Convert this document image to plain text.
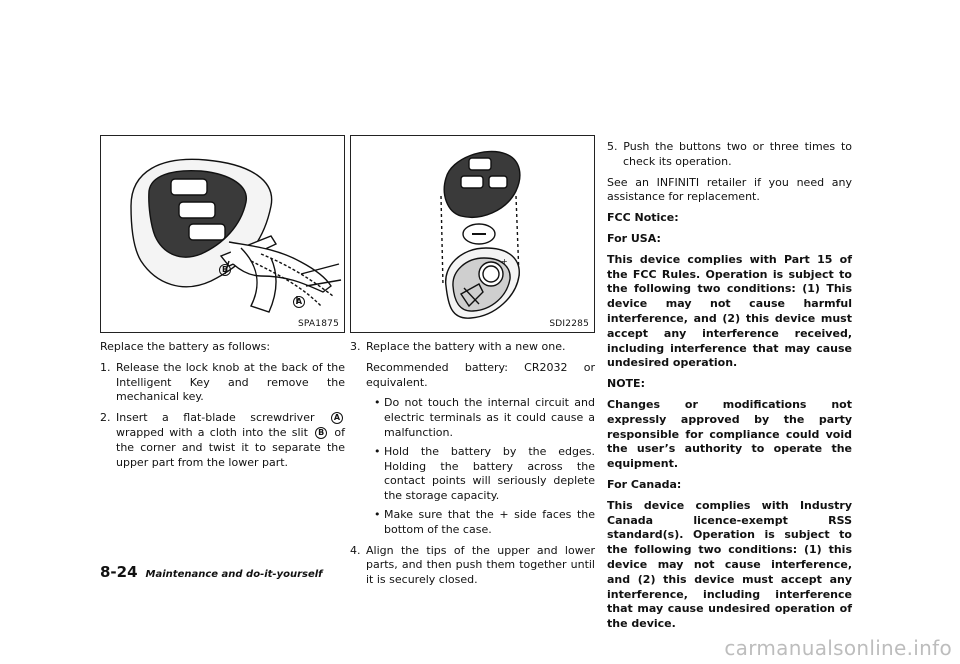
B
A
SPA1875
+
SDI2285

Replace the battery as follows:

1. Release the lock knob at the back of the Intelligent Key and remove the mechanical key.
2. Insert a flat-blade screwdriver A wrapped with a cloth into the slit B of the corner and twist it to separate the upper part from the lower part.
3. Replace the battery with a new one.

Recommended battery: CR2032 or equivalent.

• Do not touch the internal circuit and electric terminals as it could cause a malfunction.
• Hold the battery by the edges. Holding the battery across the contact points will seriously deplete the storage capacity.
• Make sure that the + side faces the bottom of the case.
4. Align the tips of the upper and lower parts, and then push them together until it is securely closed.

5. Push the buttons two or three times to check its operation.

See an INFINITI retailer if you need any assistance for replacement.

FCC Notice:

For USA:

This device complies with Part 15 of the FCC Rules. Operation is subject to the following two conditions: (1) This device may not cause harmful interference, and (2) this device must accept any interference received, including interference that may cause undesired operation.

NOTE:

Changes or modifications not expressly approved by the party responsible for compliance could void the user’s authority to operate the equipment.

For Canada:

This device complies with Industry Canada licence-exempt RSS standard(s). Operation is subject to the following two conditions: (1) this device may not cause interference, and (2) this device must accept any interference, including interference that may cause undesired operation of the device.

8-24 Maintenance and do-it-yourself
carmanualsonline.info
